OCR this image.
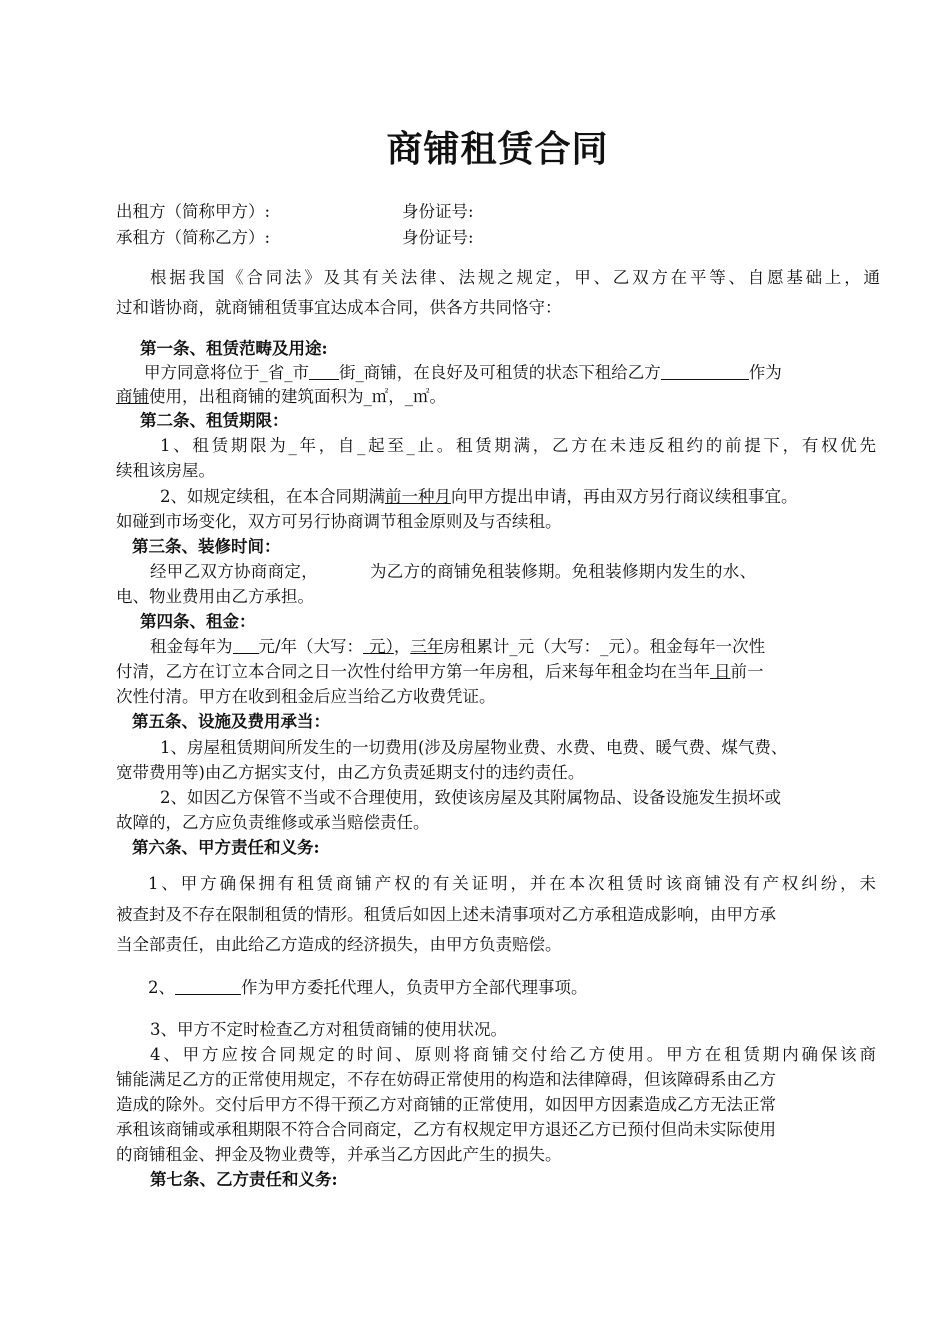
商铺租赁合同
出租方（简称甲方）:	身份证号:
承租方（简称乙方）:	身份证号:
根据我国《合同法》及其有关法律、法规之规定，甲、乙双方在平等、自愿基础上，通
过和谐协商，就商铺租赁事宜达成本合同，供各方共同恪守：
第一条、租赁范畴及用途:
甲方同意将位于_省_市 街_商铺，在良好及可租赁的状态下租给乙方	作为
商铺使用，出租商铺的建筑面积为_㎡，_㎡。
第二条、租赁期限：
1、租赁期限为_年，自_起至_止。租赁期满，乙方在未违反租约的前提下，有权优先
续租该房屋。
2、如规定续租，在本合同期满前一种月向甲方提出申请，再由双方另行商议续租事宜。
如碰到市场变化，双方可另行协商调节租金原则及与否续租。
第三条、装修时间：
经甲乙双方协商商定，	为乙方的商铺免租装修期。免租装修期内发生的水、
电、物业费用由乙方承担。
第四条、租金：
租金每年为 元/年（大写： 元），三年房租累计_元（大写：_元）。租金每年一次性
付清，乙方在订立本合同之日一次性付给甲方第一年房租，后来每年租金均在当年 日前一
次性付清。甲方在收到租金后应当给乙方收费凭证。
第五条、设施及费用承当：
1、房屋租赁期间所发生的一切费用(涉及房屋物业费、水费、电费、暖气费、煤气费、
宽带费用等)由乙方据实支付，由乙方负责延期支付的违约责任。
2、如因乙方保管不当或不合理使用，致使该房屋及其附属物品、设备设施发生损坏或
故障的，乙方应负责维修或承当赔偿责任。
第六条、甲方责任和义务:
1、甲方确保拥有租赁商铺产权的有关证明，并在本次租赁时该商铺没有产权纠纷，未
被查封及不存在限制租赁的情形。租赁后如因上述未清事项对乙方承租造成影响，由甲方承
当全部责任，由此给乙方造成的经济损失，由甲方负责赔偿。
2、	作为甲方委托代理人，负责甲方全部代理事项。
3、甲方不定时检查乙方对租赁商铺的使用状况。
4、甲方应按合同规定的时间、原则将商铺交付给乙方使用。甲方在租赁期内确保该商
铺能满足乙方的正常使用规定，不存在妨碍正常使用的构造和法律障碍，但该障碍系由乙方
造成的除外。交付后甲方不得干预乙方对商铺的正常使用，如因甲方因素造成乙方无法正常
承租该商铺或承租期限不符合合同商定，乙方有权规定甲方退还乙方已预付但尚未实际使用
的商铺租金、押金及物业费等，并承当乙方因此产生的损失。
第七条、乙方责任和义务:
